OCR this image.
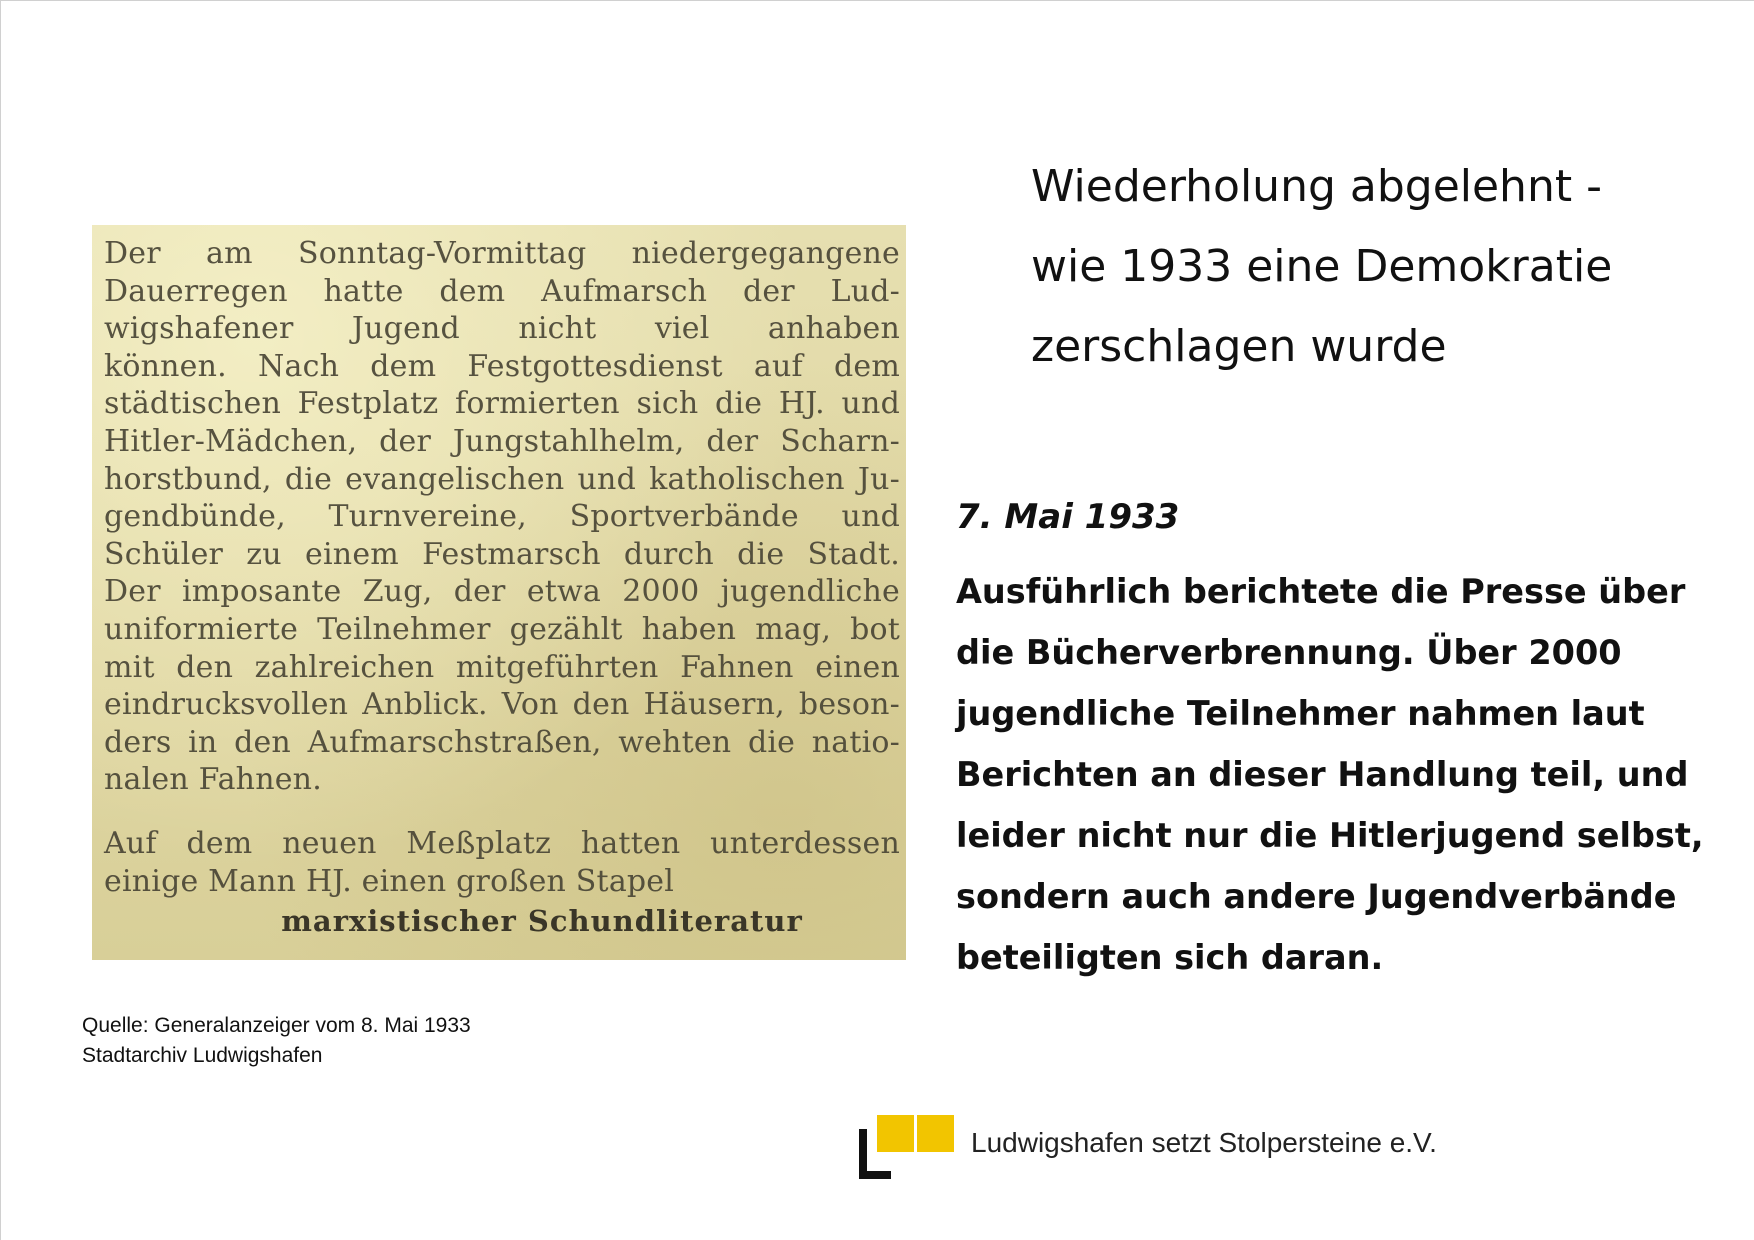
Der am Sonntag-Vormittag niedergegangene
Dauerregen hatte dem Aufmarsch der Lud-
wigshafener Jugend nicht viel anhaben
können. Nach dem Festgottesdienst auf dem
städtischen Festplatz formierten sich die HJ. und
Hitler-Mädchen, der Jungstahlhelm, der Scharn-
horstbund, die evangelischen und katholischen Ju-
gendbünde, Turnvereine, Sportverbände und
Schüler zu einem Festmarsch durch die Stadt.
Der imposante Zug, der etwa 2000 jugendliche
uniformierte Teilnehmer gezählt haben mag, bot
mit den zahlreichen mitgeführten Fahnen einen
eindrucksvollen Anblick. Von den Häusern, beson-
ders in den Aufmarschstraßen, wehten die natio-
nalen Fahnen.
Auf dem neuen Meßplatz hatten unterdessen
einige Mann HJ. einen großen Stapel
marxistischer Schundliteratur
Quelle: Generalanzeiger vom 8. Mai 1933
Stadtarchiv Ludwigshafen
Wiederholung abgelehnt -
wie 1933 eine Demokratie
zerschlagen wurde
7. Mai 1933
Ausführlich berichtete die Presse über
die Bücherverbrennung. Über 2000
jugendliche Teilnehmer nahmen laut
Berichten an dieser Handlung teil, und
leider nicht nur die Hitlerjugend selbst,
sondern auch andere Jugendverbände
beteiligten sich daran.
Ludwigshafen setzt Stolpersteine e.V.
